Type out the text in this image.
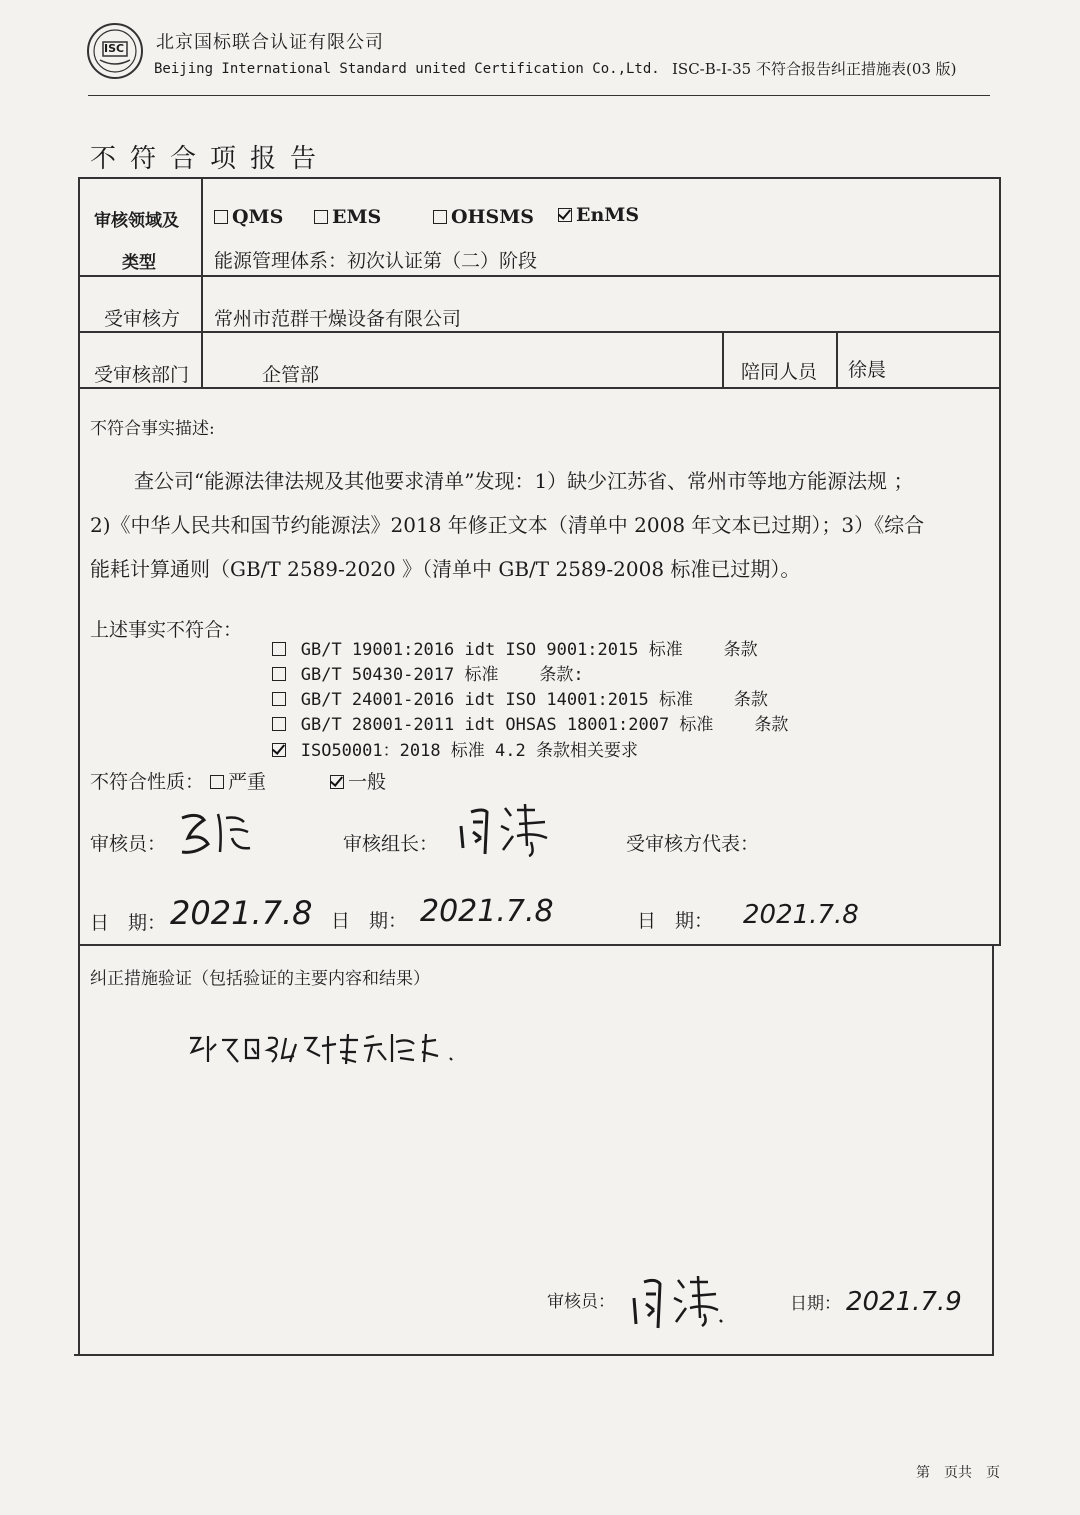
ISC 北京国标联合认证有限公司
Beijing International Standard united Certification Co.,Ltd. ISC-B-I-35 不符合报告纠正措施表(03 版)
不符合项报告
审核领域及
类型
QMS	EMS	OHSMS	EnMS
能源管理体系：初次认证第（二）阶段
受审核方 常州市范群干燥设备有限公司
受审核部门	企管部	陪同人员 徐晨
不符合事实描述:
查公司“能源法律法规及其他要求清单”发现：1）缺少江苏省、常州市等地方能源法规 ；
2)《中华人民共和国节约能源法》2018 年修正文本（清单中 2008 年文本已过期）；3）《综合
能耗计算通则（GB/T 2589-2020 》（清单中 GB/T 2589-2008 标准已过期）。
上述事实不符合：

GB/T 19001:2016 idt ISO 9001:2015 标准    条款

GB/T 50430-2017 标准    条款:

GB/T 24001-2016 idt ISO 14001:2015 标准    条款

GB/T 28001-2011 idt OHSAS 18001:2007 标准    条款

ISO50001：2018 标准 4.2 条款相关要求

不符合性质：	严重	一般
审核员：	审核组长：	受审核方代表：
日　期： 2021.7.8 日　期： 2021.7.8	日　期： 2021.7.8
纠正措施验证（包括验证的主要内容和结果）
审核员：	日期： 2021.7.9
第　页共　页
